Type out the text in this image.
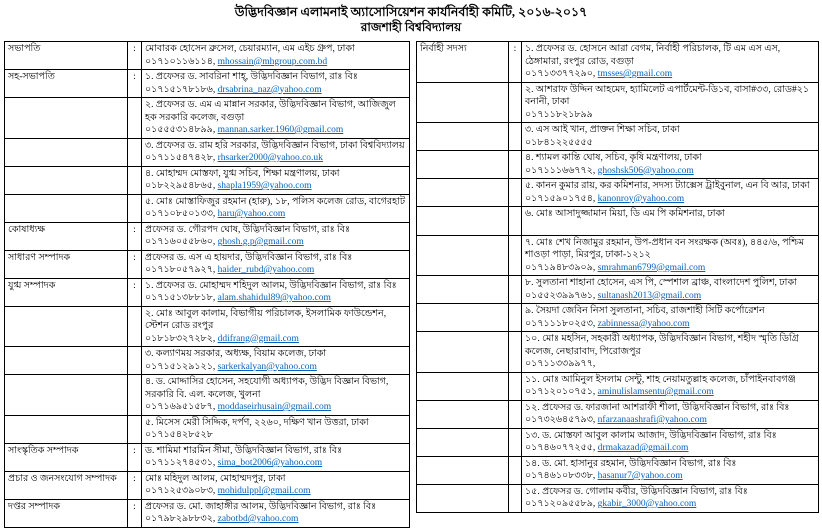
উদ্ভিদবিজ্ঞান এলামনাই অ্যাসোসিয়েশন কার্যনির্বাহী কমিটি, ২০১৬-২০১৭
রাজশাহী বিশ্ববিদ্যালয়
সভাপতি	:	মোবারক হোসেন ব্রুসেল, চেয়ারম্যান, এম এইচ গ্রুপ, ঢাকা
০১৭১০১১৬১১৪, mhossain@mhgroup.com.bd

সহ-সভাপতি	:	১. প্রফেসর ড. সাবরিনা শাহ্‌, উদ্ভিদবিজ্ঞান বিভাগ, রাঃ বিঃ
০১৭১৫১৭৮১৮৬, drsabrina_naz@yahoo.com

		২. প্রফেসর ড. এম এ মান্নান সরকার, উদ্ভিদবিজ্ঞান বিভাগ, আজিজুল হক সরকারি কলেজ, বগুড়া
০১৫৫৫৩১৪৮৯৯, mannan.sarker.1960@gmail.com

		৩. প্রফেসর ড. রাম হরি সরকার, উদ্ভিদবিজ্ঞান বিভাগ, ঢাকা বিশ্ববিদ্যালয়
০১৭১১৫৪৭৪২৮, rhsarker2000@yahoo.co.uk

		৪. মোহাম্মদ মোস্তফা, যুগ্ম সচিব, শিক্ষা মন্ত্রণালয়, ঢাকা
০১৮২২৯৫৪৮৬৫, shapla1959@yahoo.com

		৫. মোঃ মোস্তাফিজুর রহমান (হারু), ১৮, পলিস কলেজ রোড, বাগেরহাট
০১৭১০৮৫০১৩৩, haru@yahoo.com

কোষাধ্যক্ষ	:	প্রফেসর ড. গৌরপদ ঘোষ, উদ্ভিদবিজ্ঞান বিভাগ, রাঃ বিঃ
০১৭১৬০৫৫৮৬০, ghosh.g.p@gmail.com

সাধারণ সম্পাদক	:	প্রফেসর ড. এস এ হায়দার, উদ্ভিদবিজ্ঞান বিভাগ, রাঃ বিঃ
০১৭১৮০৫৭৯২৭, haider_rubd@yahoo.com

যুগ্ম সম্পাদক	:	১. প্রফেসর ড. মোহাম্মদ শহিদুল আলম, উদ্ভিদবিজ্ঞান বিভাগ, রাঃ বিঃ
০১৭১৫১৩৮৮১৮, alam.shahidul89@yahoo.com

		২. মোঃ আবুল কালাম, বিভাগীয় পরিচালক, ইসলামিক ফাউন্ডেশন, স্টেশন রোড রংপুর
০১৮১৮৩২৭২৮২, ddifrang@gmail.com

		৩. কল্যাণময় সরকার, অধ্যক্ষ, বিয়াম কলেজ, ঢাকা
০১৭১৫১২৯১২১, sarkerkalyan@yahoo.com

		৪. ড. মোদ্দাসির হোসেন, সহযোগী অধ্যাপক, উদ্ভিদ বিজ্ঞান বিভাগ, সরকারি বি. এল. কলেজ, খুলনা
০১৭১৬৯৫১৫৮৭, moddaseirhusain@gmail.com

		৫. মিসেস মেরী সিদ্দিক, দর্পণ, ২২৬০, দক্ষিণ খান উত্তরা, ঢাকা
০১৭১৫৪২৮৫২৮

সাংস্কৃতিক সম্পাদক	:	ড. শামিমা শারমিন সীমা, উদ্ভিদবিজ্ঞান বিভাগ, রাঃ বিঃ
০১৭১১২৭৪৫৩১, sima_bot2006@yahoo.com

প্রচার ও জনসংযোগ সম্পাদক	:	মোঃ মহিদুল আলম, মোহাম্মদপুর, ঢাকা
০১৭১২৫৩৯০৮৩, mohidulppl@gmail.com

দপ্তর সম্পাদক	:	প্রফেসর ড. মো. জাহাঙ্গীর আলম, উদ্ভিদবিজ্ঞান বিভাগ, রাঃ বিঃ
০১৭৯৮২৯৮৮৩২, zabotbd@yahoo.com
নির্বাহী সদস্য	:	১. প্রফেসর ড. হোসনে আরা বেগম, নির্বাহী পরিচালক, টি এম এস এস, ঠেঙ্গামারা, রংপুর রোড, বগুড়া
০১৭১৩৩৭৭২৯০, tmsses@gmail.com

		২. আশরাফ উদ্দিন আহমেদ, হ্যামিলেট এপার্টমেন্ট-ডি১ব, বাসা#৩৩, রোড#২১ বনানী, ঢাকা
০১৭১১৮২১৮৯৯

		৩. এস আই খান, প্রাক্তন শিক্ষা সচিব, ঢাকা
০১৮৪১২২৫৫৫৫

		৪. শ্যামল কান্তি ঘোষ, সচিব, কৃষি মন্ত্রণালয়, ঢাকা
০১৭১১১৬৬৭৭২, ghoshsk506@yahoo.com

		৫. কানন কুমার রায়, কর কমিশনার, সদস্য ট্যাক্সেস ট্রাইবুনাল, এন বি আর, ঢাকা
০১৭১৫৯০১৭৫৪, kanonroy@yahoo.com

		৬. মোঃ আসাদুজ্জামান মিয়া, ডি এম পি কমিশনার, ঢাকা

		৭. মোঃ শেখ নিজামুর রহমান, উপ-প্রধান বন সংরক্ষক (অবঃ), ৪৪৫/৬, পশ্চিম শাওড়া পাড়া, মিরপুর, ঢাকা-১২১২
০১৭১৯৪৮৩৯০৯, smrahman6799@gmail.com

		৮. সুলতানা শাহানা হোসেন, এস পি, স্পেশাল ব্রাঞ্চ, বাংলাদেশ পুলিশ, ঢাকা
০১৫৫২৩৯৯৭৬১, sultanash2013@gmail.com

		৯. সৈয়দা জেবিন নিসা সুলতানা, সচিব, রাজশাহী সিটি কর্পোরেশন
০১৭১১১৮০২৫৩, zabinnessa@yahoo.com

		১০. মোঃ মহসিন, সহকারী অধ্যাপক, উদ্ভিদবিজ্ঞান বিভাগ, শহীদ স্মৃতি ডিগ্রি কলেজ, নেছারাবাদ, পিরোজপুর
০১৭১১৩৩৯৯৭৭,

		১১. মোঃ আমিনুল ইসলাম সেন্টু, শাহ নেয়ামতুল্লাহ কলেজ, চাঁপাইনবাবগঞ্জ
০১৭১২০১০৭৫১, aminulislamsentu@gmail.com

		১২. প্রফেসর ড. ফারজানা আশরাফী শীলা, উদ্ভিদবিজ্ঞান বিভাগ, রাঃ বিঃ
০১৭৩২৬৪৫৭৯৩, nfarzanaashrafi@yahoo.com

		১৩. ড. মোস্তফা আবুল কালাম আজাদ, উদ্ভিদবিজ্ঞান বিভাগ, রাঃ বিঃ
০১৭৪৬০৭৭২৫৫, drmakazad@gmail.com

		১৪. ড. মো. হাসানুর রহমান, উদ্ভিদবিজ্ঞান বিভাগ, রাঃ বিঃ
০১৭৪৬১০৮৩৩৮, hasanur7@yahoo.com

		১৫. প্রফেসর ড. গোলাম কবীর, উদ্ভিদবিজ্ঞান বিভাগ, রাঃ বিঃ
০১৭১২০৯৫৫৮৯, gkabir_3000@yahoo.com
